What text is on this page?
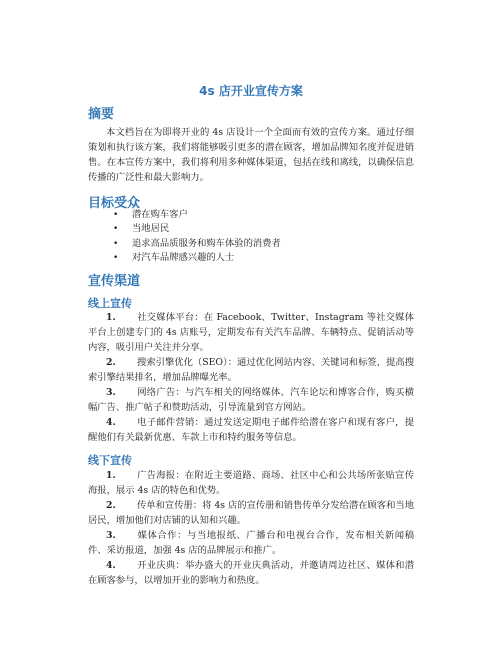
4s 店开业宣传方案
摘要
本文档旨在为即将开业的 4s 店设计一个全面而有效的宣传方案。通过仔细策划和执行该方案，我们将能够吸引更多的潜在顾客，增加品牌知名度并促进销售。在本宣传方案中，我们将利用多种媒体渠道，包括在线和离线，以确保信息传播的广泛性和最大影响力。
目标受众
• 潜在购车客户
• 当地居民
• 追求高品质服务和购车体验的消费者
• 对汽车品牌感兴趣的人士
宣传渠道
线上宣传
1. 社交媒体平台：在 Facebook、Twitter、Instagram 等社交媒体平台上创建专门的 4s 店账号，定期发布有关汽车品牌、车辆特点、促销活动等内容，吸引用户关注并分享。
2. 搜索引擎优化（SEO）：通过优化网站内容、关键词和标签，提高搜索引擎结果排名，增加品牌曝光率。
3. 网络广告：与汽车相关的网络媒体、汽车论坛和博客合作，购买横幅广告、推广帖子和赞助活动，引导流量到官方网站。
4. 电子邮件营销：通过发送定期电子邮件给潜在客户和现有客户，提醒他们有关最新优惠、车款上市和特约服务等信息。
线下宣传
1. 广告海报：在附近主要道路、商场、社区中心和公共场所张贴宣传海报，展示 4s 店的特色和优势。
2. 传单和宣传册：将 4s 店的宣传册和销售传单分发给潜在顾客和当地居民，增加他们对店铺的认知和兴趣。
3. 媒体合作：与当地报纸、广播台和电视台合作，发布相关新闻稿件、采访报道，加强 4s 店的品牌展示和推广。
4. 开业庆典：举办盛大的开业庆典活动，并邀请周边社区、媒体和潜在顾客参与，以增加开业的影响力和热度。
